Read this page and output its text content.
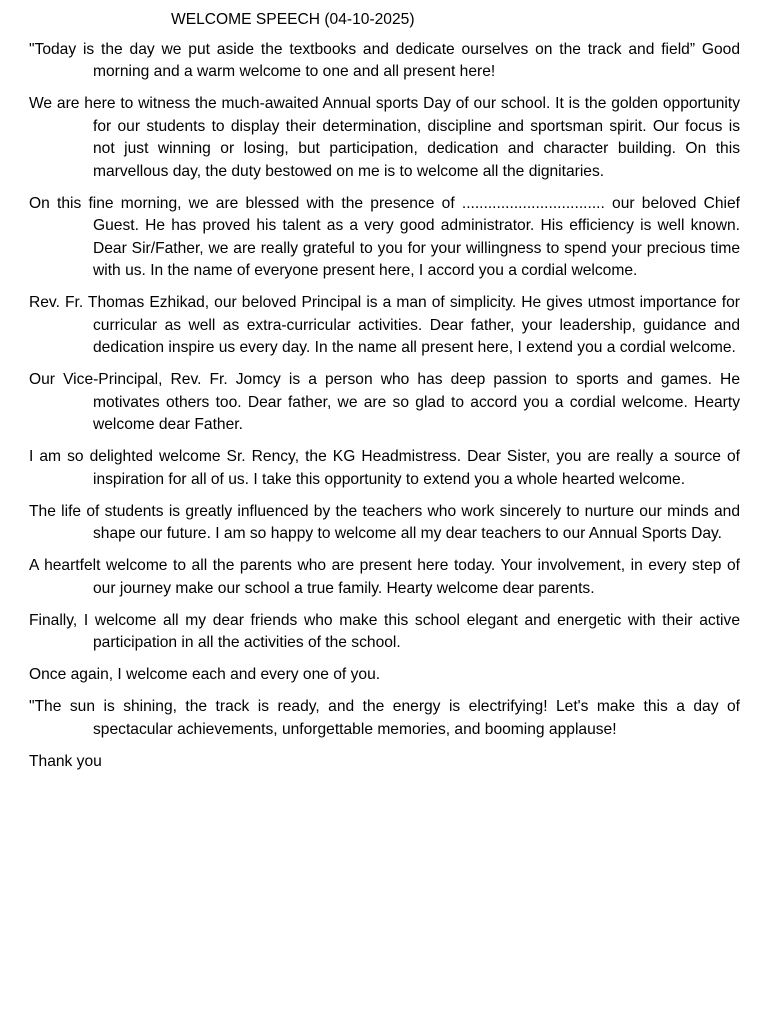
WELCOME SPEECH (04-10-2025)

"Today is the day we put aside the textbooks and dedicate ourselves on the track and field” Good morning and a warm welcome to one and all present here!

We are here to witness the much-awaited Annual sports Day of our school. It is the golden opportunity for our students to display their determination, discipline and sportsman spirit. Our focus is not just winning or losing, but participation, dedication and character building. On this marvellous day, the duty bestowed on me is to welcome all the dignitaries.

On this fine morning, we are blessed with the presence of ................................. our beloved Chief Guest. He has proved his talent as a very good administrator. His efficiency is well known. Dear Sir/Father, we are really grateful to you for your willingness to spend your precious time with us. In the name of everyone present here, I accord you a cordial welcome.

Rev. Fr. Thomas Ezhikad, our beloved Principal is a man of simplicity. He gives utmost importance for curricular as well as extra-curricular activities. Dear father, your leadership, guidance and dedication inspire us every day. In the name all present here, I extend you a cordial welcome.

Our Vice-Principal, Rev. Fr. Jomcy is a person who has deep passion to sports and games. He motivates others too. Dear father, we are so glad to accord you a cordial welcome. Hearty welcome dear Father.

I am so delighted welcome Sr. Rency, the KG Headmistress. Dear Sister, you are really a source of inspiration for all of us. I take this opportunity to extend you a whole hearted welcome.

The life of students is greatly influenced by the teachers who work sincerely to nurture our minds and shape our future. I am so happy to welcome all my dear teachers to our Annual Sports Day.

A heartfelt welcome to all the parents who are present here today. Your involvement, in every step of our journey make our school a true family. Hearty welcome dear parents.

Finally, I welcome all my dear friends who make this school elegant and energetic with their active participation in all the activities of the school.

Once again, I welcome each and every one of you.

"The sun is shining, the track is ready, and the energy is electrifying! Let's make this a day of spectacular achievements, unforgettable memories, and booming applause!

Thank you
